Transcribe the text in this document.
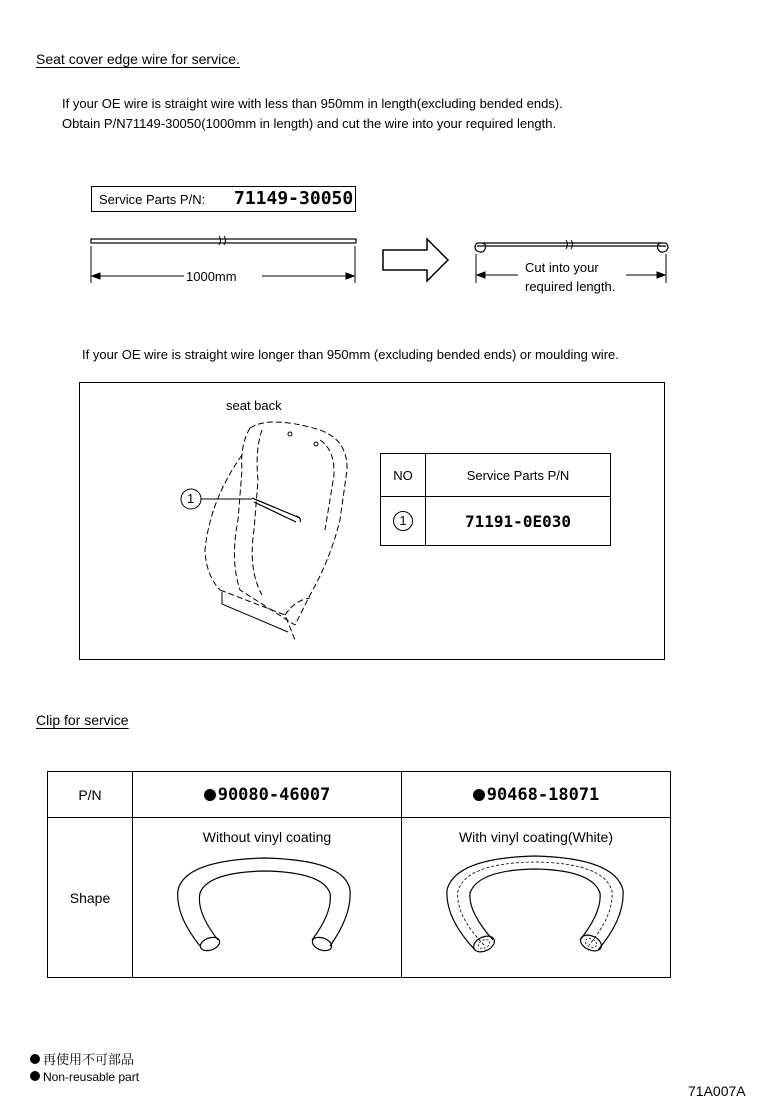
Seat cover edge wire for service.
If your OE wire is straight wire with less than 950mm in length(excluding bended ends).
Obtain P/N71149-30050(1000mm in length) and cut the wire into your required length.
Service Parts P/N: 71149-30050
1000mm
Cut into your
required length.
If your OE wire is straight wire longer than 950mm (excluding bended ends) or moulding wire.
seat back
1
NO	Service Parts P/N
1	71191-0E030
Clip for service
P/N	90080-46007	90468-18071
Shape	Without vinyl coating	With vinyl coating(White)
再使用不可部品
Non-reusable part
71A007A
